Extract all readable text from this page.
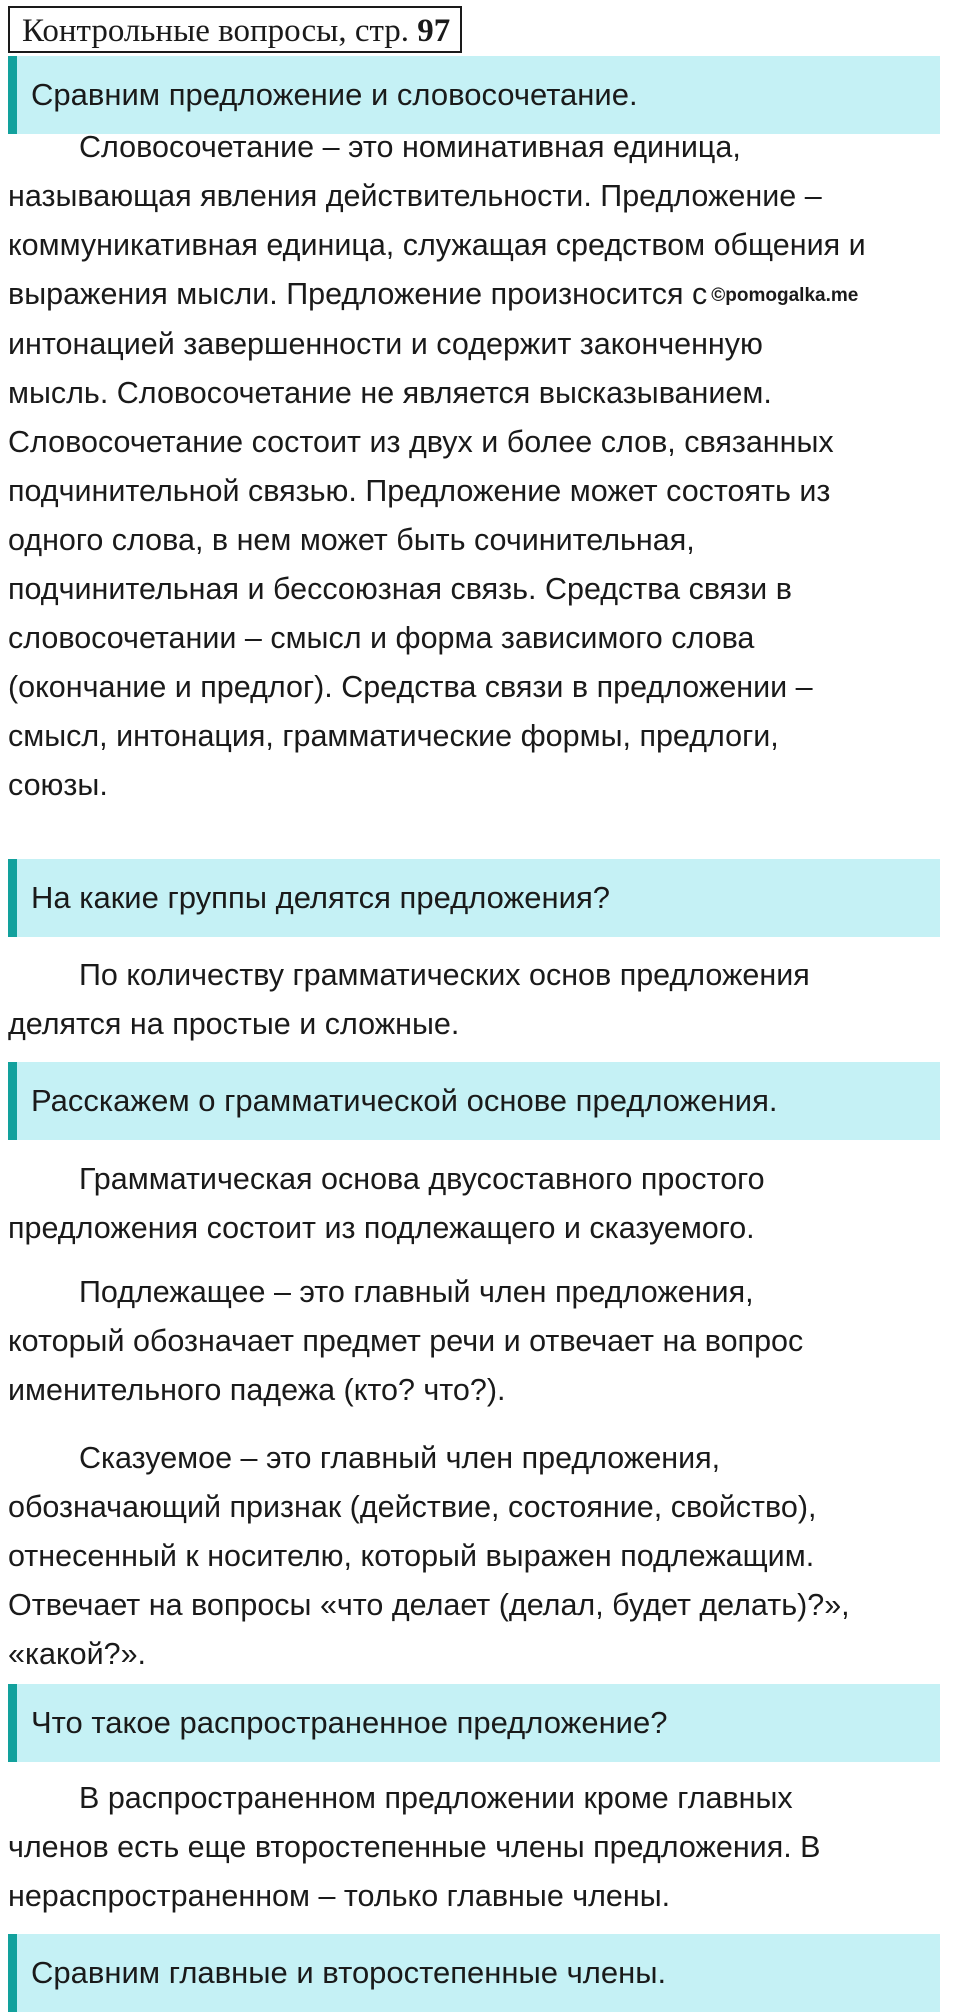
Контрольные вопросы, стр. 97
Сравним предложение и словосочетание.
Словосочетание – это номинативная единица,
называющая явления действительности. Предложение –
коммуникативная единица, служащая средством общения и
выражения мысли. Предложение произносится с ©pomogalka.me
интонацией завершенности и содержит законченную
мысль. Словосочетание не является высказыванием.
Словосочетание состоит из двух и более слов, связанных
подчинительной связью. Предложение может состоять из
одного слова, в нем может быть сочинительная,
подчинительная и бессоюзная связь. Средства связи в
словосочетании – смысл и форма зависимого слова
(окончание и предлог). Средства связи в предложении –
смысл, интонация, грамматические формы, предлоги,
союзы.
На какие группы делятся предложения?
По количеству грамматических основ предложения
делятся на простые и сложные.
Расскажем о грамматической основе предложения.
Грамматическая основа двусоставного простого
предложения состоит из подлежащего и сказуемого.
Подлежащее – это главный член предложения,
который обозначает предмет речи и отвечает на вопрос
именительного падежа (кто? что?).
Сказуемое – это главный член предложения,
обозначающий признак (действие, состояние, свойство),
отнесенный к носителю, который выражен подлежащим.
Отвечает на вопросы «что делает (делал, будет делать)?»,
«какой?».
Что такое распространенное предложение?
В распространенном предложении кроме главных
членов есть еще второстепенные члены предложения. В
нераспространенном – только главные члены.
Сравним главные и второстепенные члены.
